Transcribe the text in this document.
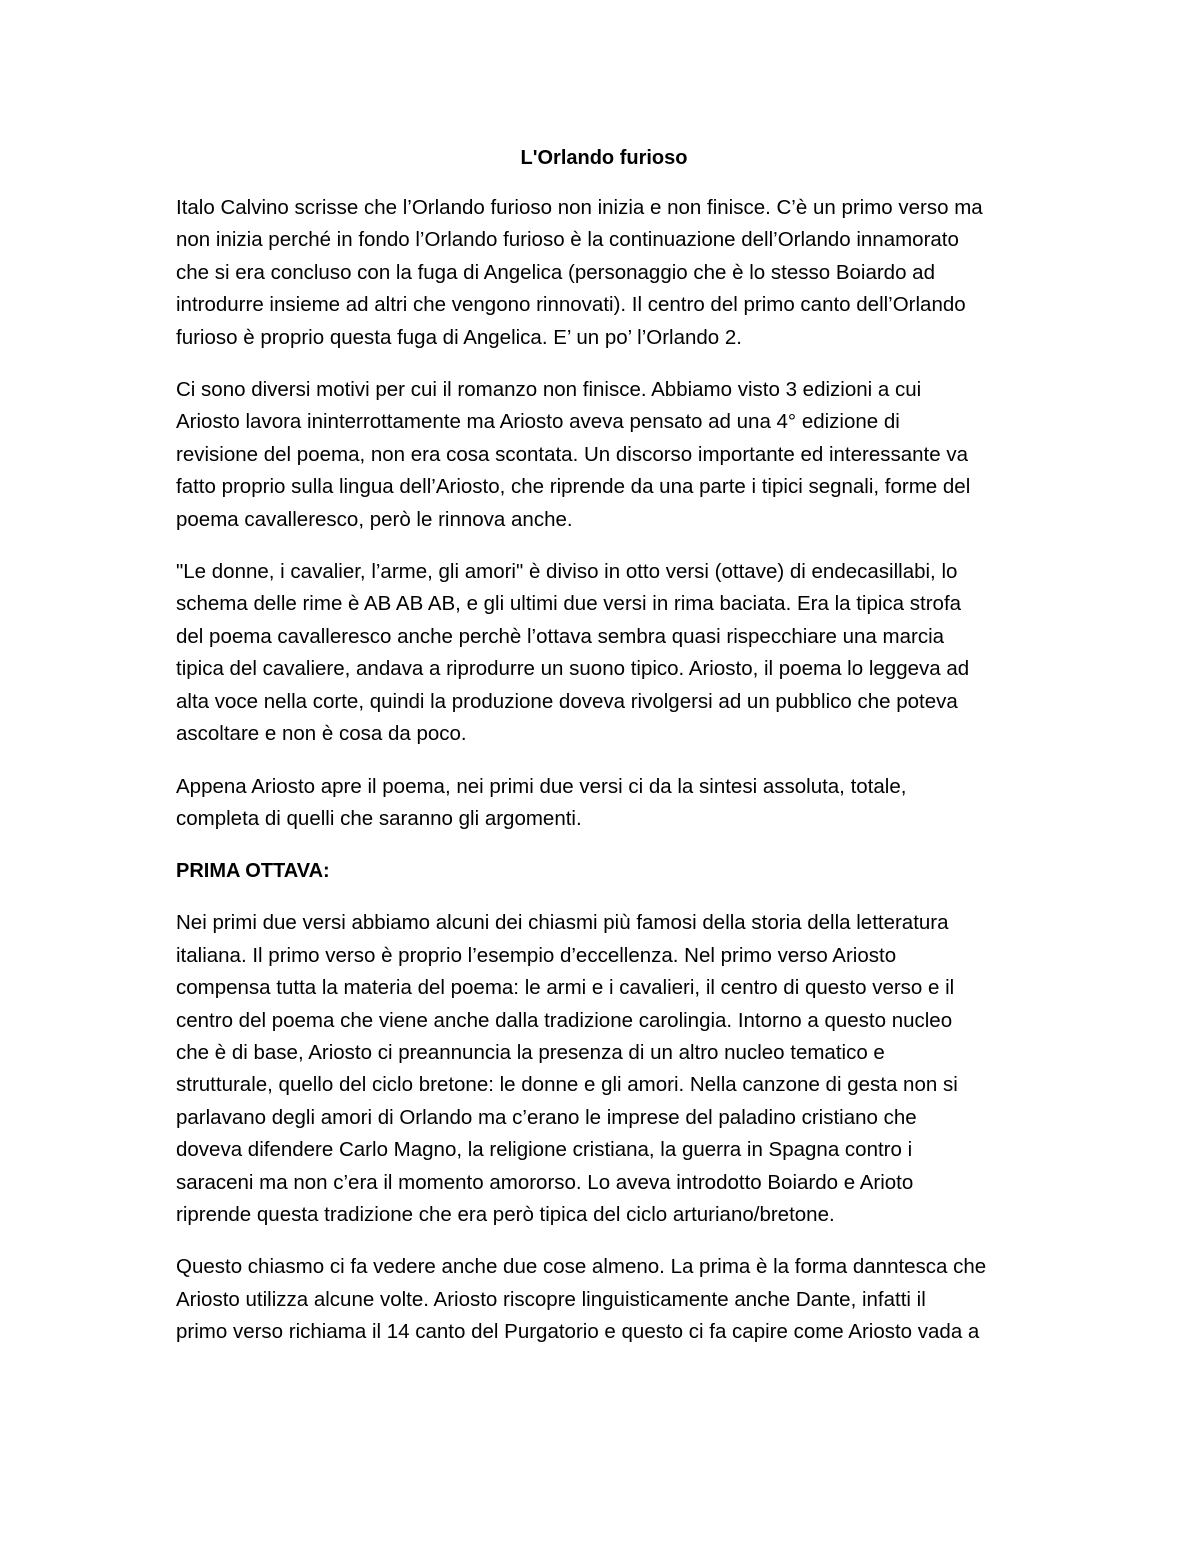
L'Orlando furioso

Italo Calvino scrisse che l’Orlando furioso non inizia e non finisce. C’è un primo verso ma
non inizia perché in fondo l’Orlando furioso è la continuazione dell’Orlando innamorato
che si era concluso con la fuga di Angelica (personaggio che è lo stesso Boiardo ad
introdurre insieme ad altri che vengono rinnovati). Il centro del primo canto dell’Orlando
furioso è proprio questa fuga di Angelica. E’ un po’ l’Orlando 2.

Ci sono diversi motivi per cui il romanzo non finisce. Abbiamo visto 3 edizioni a cui
Ariosto lavora ininterrottamente ma Ariosto aveva pensato ad una 4° edizione di
revisione del poema, non era cosa scontata. Un discorso importante ed interessante va
fatto proprio sulla lingua dell’Ariosto, che riprende da una parte i tipici segnali, forme del
poema cavalleresco, però le rinnova anche.

"Le donne, i cavalier, l’arme, gli amori" è diviso in otto versi (ottave) di endecasillabi, lo
schema delle rime è AB AB AB, e gli ultimi due versi in rima baciata. Era la tipica strofa
del poema cavalleresco anche perchè l’ottava sembra quasi rispecchiare una marcia
tipica del cavaliere, andava a riprodurre un suono tipico. Ariosto, il poema lo leggeva ad
alta voce nella corte, quindi la produzione doveva rivolgersi ad un pubblico che poteva
ascoltare e non è cosa da poco.

Appena Ariosto apre il poema, nei primi due versi ci da la sintesi assoluta, totale,
completa di quelli che saranno gli argomenti.

PRIMA OTTAVA:

Nei primi due versi abbiamo alcuni dei chiasmi più famosi della storia della letteratura
italiana. Il primo verso è proprio l’esempio d’eccellenza. Nel primo verso Ariosto
compensa tutta la materia del poema: le armi e i cavalieri, il centro di questo verso e il
centro del poema che viene anche dalla tradizione carolingia. Intorno a questo nucleo
che è di base, Ariosto ci preannuncia la presenza di un altro nucleo tematico e
strutturale, quello del ciclo bretone: le donne e gli amori. Nella canzone di gesta non si
parlavano degli amori di Orlando ma c’erano le imprese del paladino cristiano che
doveva difendere Carlo Magno, la religione cristiana, la guerra in Spagna contro i
saraceni ma non c’era il momento amororso. Lo aveva introdotto Boiardo e Arioto
riprende questa tradizione che era però tipica del ciclo arturiano/bretone.

Questo chiasmo ci fa vedere anche due cose almeno. La prima è la forma danntesca che
Ariosto utilizza alcune volte. Ariosto riscopre linguisticamente anche Dante, infatti il
primo verso richiama il 14 canto del Purgatorio e questo ci fa capire come Ariosto vada a
